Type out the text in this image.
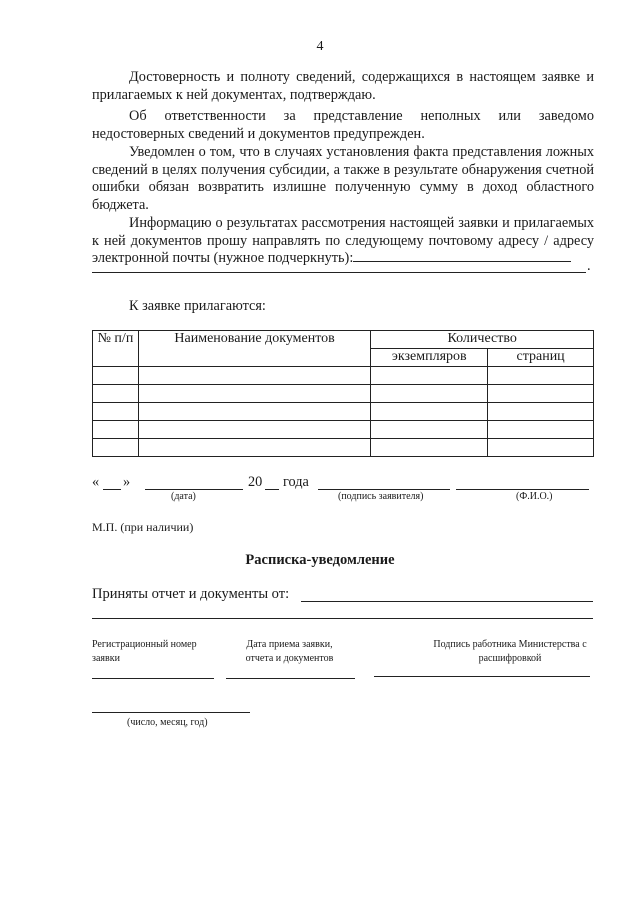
4

Достоверность и полноту сведений, содержащихся в настоящем заявке и прилагаемых к ней документах, подтверждаю.

Об ответственности за представление неполных или заведомо недостоверных сведений и документов предупрежден.

Уведомлен о том, что в случаях установления факта представления ложных сведений в целях получения субсидии, а также в результате обнаружения счетной ошибки обязан возвратить излишне полученную сумму в доход областного бюджета.

Информацию о результатах рассмотрения настоящей заявки и прилагаемых к ней документов прошу направлять по следующему почтовому адресу / адресу электронной почты (нужное подчеркнуть):	.
К заявке прилагаются:
№ п/п	Наименование документов	Количество	
		экземпляров	страниц

« »	20 года
(дата)	(подпись заявителя)	(Ф.И.О.)
М.П. (при наличии)
Расписка-уведомление
Приняты отчет и документы от:
Регистрационный номер заявки
Дата приема заявки, отчета и документов
Подпись работника Министерства с расшифровкой
(число, месяц, год)
